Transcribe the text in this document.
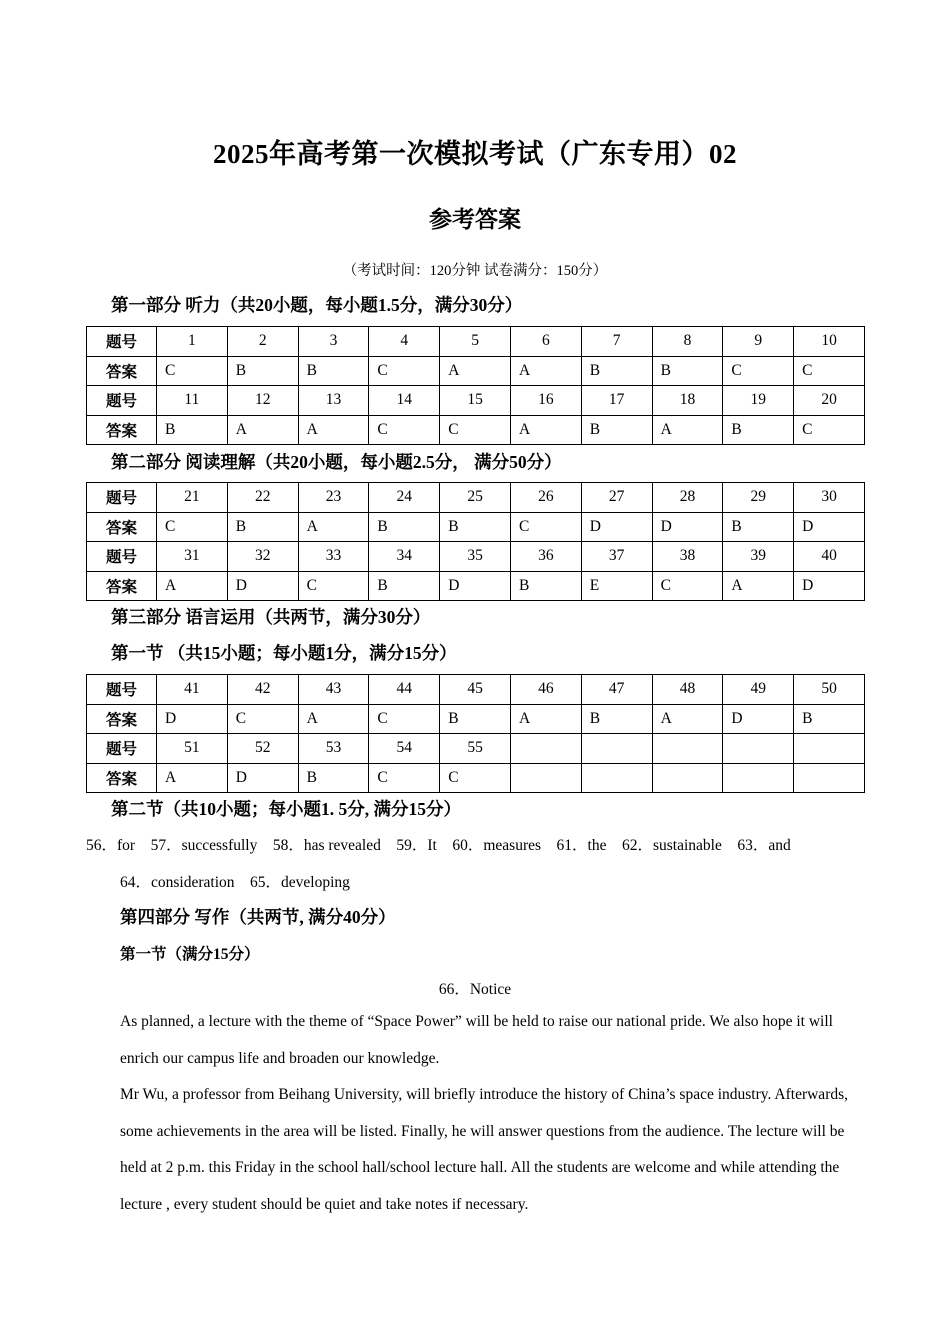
2025年高考第一次模拟考试（广东专用）02
参考答案
（考试时间：120分钟 试卷满分：150分）
第一部分 听力（共20小题，每小题1.5分，满分30分）
题号	1	2	3	4	5	6	7	8	9	10
答案	C	B	B	C	A	A	B	B	C	C
题号	11	12	13	14	15	16	17	18	19	20
答案	B	A	A	C	C	A	B	A	B	C
第二部分 阅读理解（共20小题，每小题2.5分， 满分50分）
题号	21	22	23	24	25	26	27	28	29	30
答案	C	B	A	B	B	C	D	D	B	D
题号	31	32	33	34	35	36	37	38	39	40
答案	A	D	C	B	D	B	E	C	A	D
第三部分 语言运用（共两节，满分30分）
第一节 （共15小题；每小题1分，满分15分）
题号	41	42	43	44	45	46	47	48	49	50
答案	D	C	A	C	B	A	B	A	D	B
题号	51	52	53	54	55					
答案	A	D	B	C	C					
第二节（共10小题；每小题1. 5分, 满分15分）
56．for 57．successfully 58．has revealed 59．It 60．measures 61．the 62．sustainable 63．and
64．consideration 65．developing
第四部分 写作（共两节, 满分40分）
第一节（满分15分）
66．Notice
As planned, a lecture with the theme of “Space Power” will be held to raise our national pride. We also hope it will enrich our campus life and broaden our knowledge.
Mr Wu, a professor from Beihang University, will briefly introduce the history of China’s space industry. Afterwards, some achievements in the area will be listed. Finally, he will answer questions from the audience. The lecture will be held at 2 p.m. this Friday in the school hall/school lecture hall. All the students are welcome and while attending the lecture , every student should be quiet and take notes if necessary.
